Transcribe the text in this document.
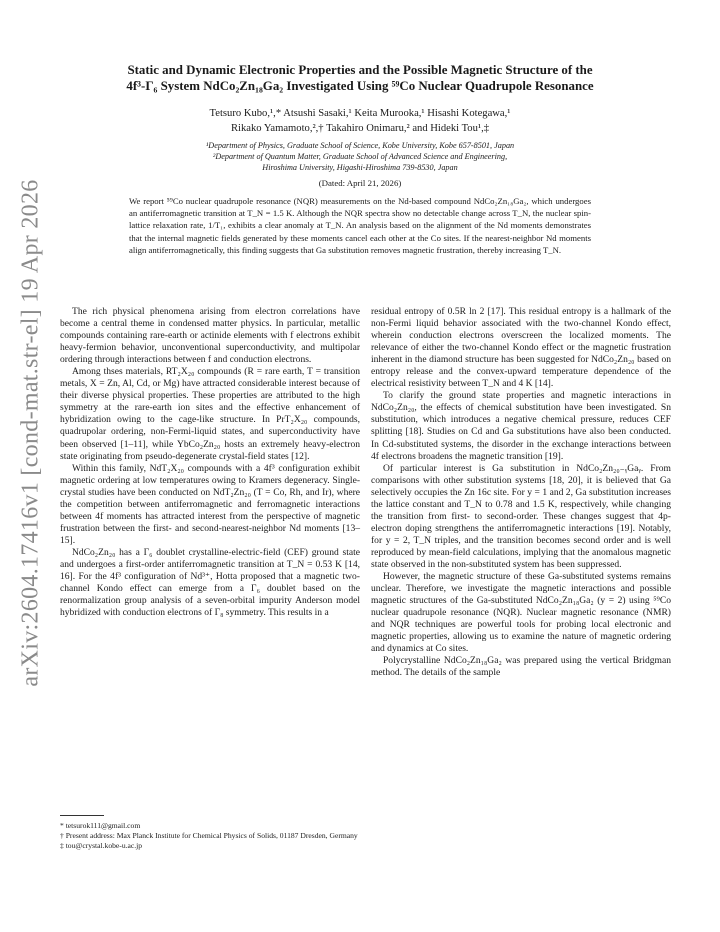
arXiv:2604.17416v1 [cond-mat.str-el] 19 Apr 2026
Static and Dynamic Electronic Properties and the Possible Magnetic Structure of the
4f³-Γ₆ System NdCo₂Zn₁₈Ga₂ Investigated Using ⁵⁹Co Nuclear Quadrupole Resonance
Tetsuro Kubo,¹,* Atsushi Sasaki,¹ Keita Murooka,¹ Hisashi Kotegawa,¹
Rikako Yamamoto,²,† Takahiro Onimaru,² and Hideki Tou¹,‡
¹Department of Physics, Graduate School of Science, Kobe University, Kobe 657-8501, Japan
²Department of Quantum Matter, Graduate School of Advanced Science and Engineering,
Hiroshima University, Higashi-Hiroshima 739-8530, Japan
(Dated: April 21, 2026)
We report ⁵⁹Co nuclear quadrupole resonance (NQR) measurements on the Nd-based compound NdCo₂Zn₁₈Ga₂, which undergoes an antiferromagnetic transition at T_N = 1.5 K. Although the NQR spectra show no detectable change across T_N, the nuclear spin-lattice relaxation rate, 1/T₁, exhibits a clear anomaly at T_N. An analysis based on the alignment of the Nd moments demonstrates that the internal magnetic fields generated by these moments cancel each other at the Co sites. If the nearest-neighbor Nd moments align antiferromagnetically, this finding suggests that Ga substitution removes magnetic frustration, thereby increasing T_N.

The rich physical phenomena arising from electron correlations have become a central theme in condensed matter physics. In particular, metallic compounds containing rare-earth or actinide elements with f electrons exhibit heavy-fermion behavior, unconventional superconductivity, and multipolar ordering through interactions between f and conduction electrons.

Among thses materials, RT₂X₂₀ compounds (R = rare earth, T = transition metals, X = Zn, Al, Cd, or Mg) have attracted considerable interest because of their diverse physical properties. These properties are attributed to the high symmetry at the rare-earth ion sites and the effective enhancement of hybridization owing to the cage-like structure. In PrT₂X₂₀ compounds, quadrupolar ordering, non-Fermi-liquid states, and superconductivity have been observed [1–11], while YbCo₂Zn₂₀ hosts an extremely heavy-electron state originating from pseudo-degenerate crystal-field states [12].

Within this family, NdT₂X₂₀ compounds with a 4f³ configuration exhibit magnetic ordering at low temperatures owing to Kramers degeneracy. Single-crystal studies have been conducted on NdT₂Zn₂₀ (T = Co, Rh, and Ir), where the competition between antiferromagnetic and ferromagnetic interactions between 4f moments has attracted interest from the perspective of magnetic frustration between the first- and second-nearest-neighbor Nd moments [13–15].

NdCo₂Zn₂₀ has a Γ₆ doublet crystalline-electric-field (CEF) ground state and undergoes a first-order antiferromagnetic transition at T_N = 0.53 K [14, 16]. For the 4f³ configuration of Nd³⁺, Hotta proposed that a magnetic two-channel Kondo effect can emerge from a Γ₆ doublet based on the renormalization group analysis of a seven-orbital impurity Anderson model hybridized with conduction electrons of Γ₈ symmetry. This results in a

residual entropy of 0.5R ln 2 [17]. This residual entropy is a hallmark of the non-Fermi liquid behavior associated with the two-channel Kondo effect, wherein conduction electrons overscreen the localized moments. The relevance of either the two-channel Kondo effect or the magnetic frustration inherent in the diamond structure has been suggested for NdCo₂Zn₂₀ based on entropy release and the convex-upward temperature dependence of the electrical resistivity between T_N and 4 K [14].

To clarify the ground state properties and magnetic interactions in NdCo₂Zn₂₀, the effects of chemical substitution have been investigated. Sn substitution, which introduces a negative chemical pressure, reduces CEF splitting [18]. Studies on Cd and Ga substitutions have also been conducted. In Cd-substituted systems, the disorder in the exchange interactions between 4f electrons broadens the magnetic transition [19].

Of particular interest is Ga substitution in NdCo₂Zn₂₀₋ᵧGaᵧ. From comparisons with other substitution systems [18, 20], it is believed that Ga selectively occupies the Zn 16c site. For y = 1 and 2, Ga substitution increases the lattice constant and T_N to 0.78 and 1.5 K, respectively, while changing the transition from first- to second-order. These changes suggest that 4p-electron doping strengthens the antiferromagnetic interactions [19]. Notably, for y = 2, T_N triples, and the transition becomes second order and is well reproduced by mean-field calculations, implying that the anomalous magnetic state observed in the non-substituted system has been suppressed.

However, the magnetic structure of these Ga-substituted systems remains unclear. Therefore, we investigate the magnetic interactions and possible magnetic structures of the Ga-substituted NdCo₂Zn₁₈Ga₂ (y = 2) using ⁵⁹Co nuclear quadrupole resonance (NQR). Nuclear magnetic resonance (NMR) and NQR techniques are powerful tools for probing local electronic and magnetic properties, allowing us to examine the nature of magnetic ordering and dynamics at Co sites.

Polycrystalline NdCo₂Zn₁₈Ga₂ was prepared using the vertical Bridgman method. The details of the sample

* tetsurok111@gmail.com
† Present address: Max Planck Institute for Chemical Physics of Solids, 01187 Dresden, Germany
‡ tou@crystal.kobe-u.ac.jp
